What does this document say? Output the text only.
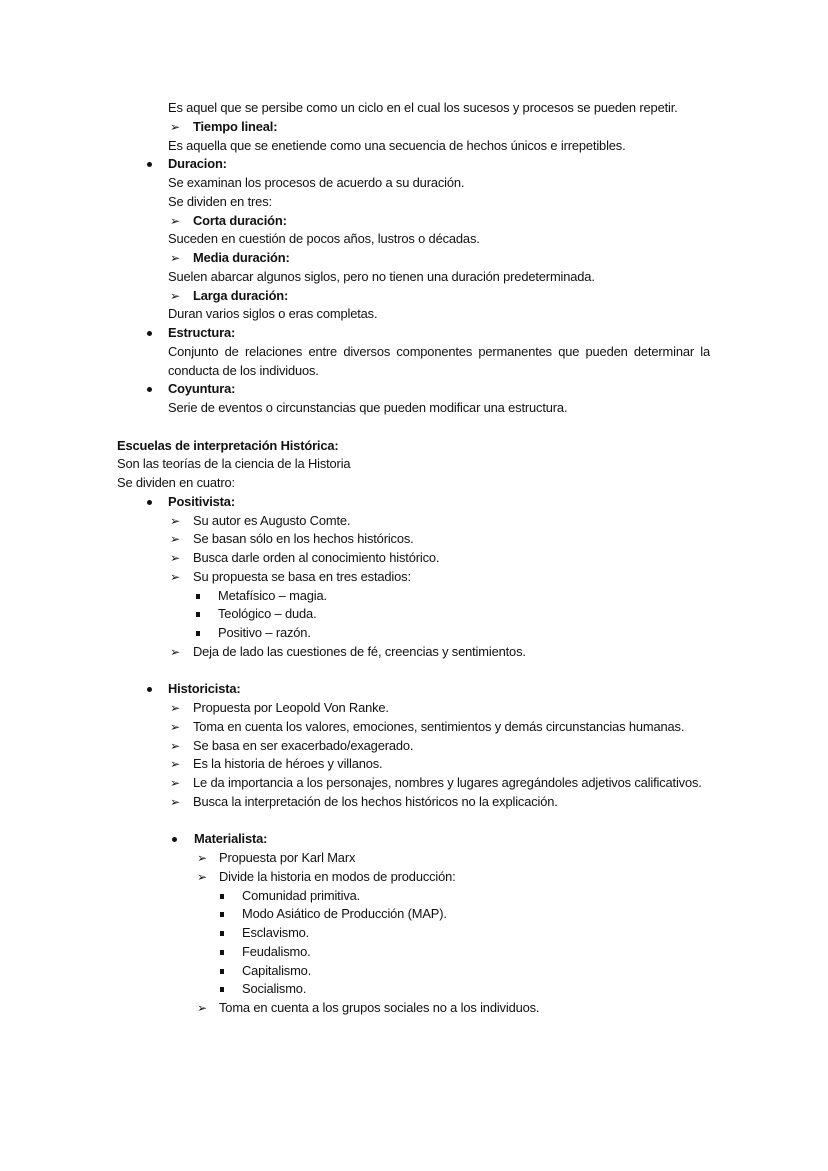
Es aquel que se persibe como un ciclo en el cual los sucesos y procesos se pueden repetir.
➢ Tiempo lineal:
Es aquella que se enetiende como una secuencia de hechos únicos e irrepetibles.
Duracion:
Se examinan los procesos de acuerdo a su duración.
Se dividen en tres:
➢ Corta duración:
Suceden en cuestión de pocos años, lustros o décadas.
➢ Media duración:
Suelen abarcar algunos siglos, pero no tienen una duración predeterminada.
➢ Larga duración:
Duran varios siglos o eras completas.
Estructura:
Conjunto de relaciones entre diversos componentes permanentes que pueden determinar la conducta de los individuos.
Coyuntura:
Serie de eventos o circunstancias que pueden modificar una estructura.
Escuelas de interpretación Histórica:
Son las teorías de la ciencia de la Historia
Se dividen en cuatro:
Positivista:
➢ Su autor es Augusto Comte.
➢ Se basan sólo en los hechos históricos.
➢ Busca darle orden al conocimiento histórico.
➢ Su propuesta se basa en tres estadios:
Metafísico – magia.
Teológico – duda.
Positivo – razón.
➢ Deja de lado las cuestiones de fé, creencias y sentimientos.
Historicista:
➢ Propuesta por Leopold Von Ranke.
➢ Toma en cuenta los valores, emociones, sentimientos y demás circunstancias humanas.
➢ Se basa en ser exacerbado/exagerado.
➢ Es la historia de héroes y villanos.
➢ Le da importancia a los personajes, nombres y lugares agregándoles adjetivos calificativos.
➢ Busca la interpretación de los hechos históricos no la explicación.
Materialista:
➢ Propuesta por Karl Marx
➢ Divide la historia en modos de producción:
Comunidad primitiva.
Modo Asiático de Producción (MAP).
Esclavismo.
Feudalismo.
Capitalismo.
Socialismo.
➢ Toma en cuenta a los grupos sociales no a los individuos.
